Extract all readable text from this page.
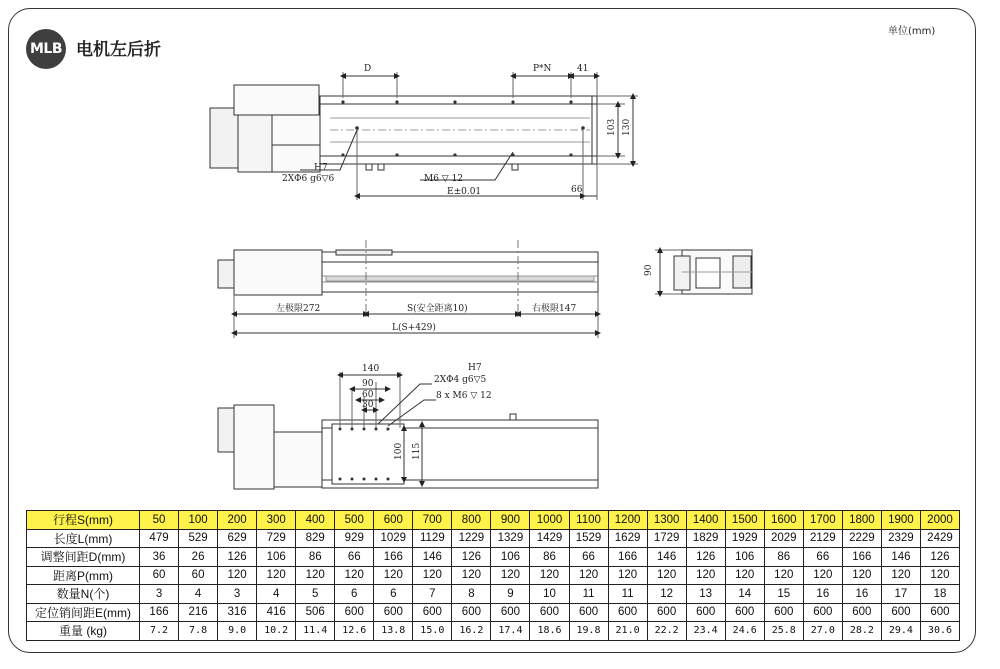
MLB 电机左后折
单位(mm)
D	P*N	41
103 130
H7
2XΦ6 g6▽6	M6 ▽ 12
66
E±0.01
左极限272	S(安全距离10)	右极限147
L(S+429)
90
140
90
60
30
H7
2XΦ4 g6▽5
8 x M6 ▽ 12
100 115
行程S(mm)	50	100	200	300	400	500	600	700	800	900	1000	1100	1200	1300	1400	1500	1600	1700	1800	1900	2000
长度L(mm)	479	529	629	729	829	929	1029	1129	1229	1329	1429	1529	1629	1729	1829	1929	2029	2129	2229	2329	2429
调整间距D(mm)	36	26	126	106	86	66	166	146	126	106	86	66	166	146	126	106	86	66	166	146	126
距离P(mm)	60	60	120	120	120	120	120	120	120	120	120	120	120	120	120	120	120	120	120	120	120
数量N(个)	3	4	3	4	5	6	6	7	8	9	10	11	11	12	13	14	15	16	16	17	18
定位销间距E(mm)	166	216	316	416	506	600	600	600	600	600	600	600	600	600	600	600	600	600	600	600	600
重量 (kg)	7.2	7.8	9.0	10.2	11.4	12.6	13.8	15.0	16.2	17.4	18.6	19.8	21.0	22.2	23.4	24.6	25.8	27.0	28.2	29.4	30.6
